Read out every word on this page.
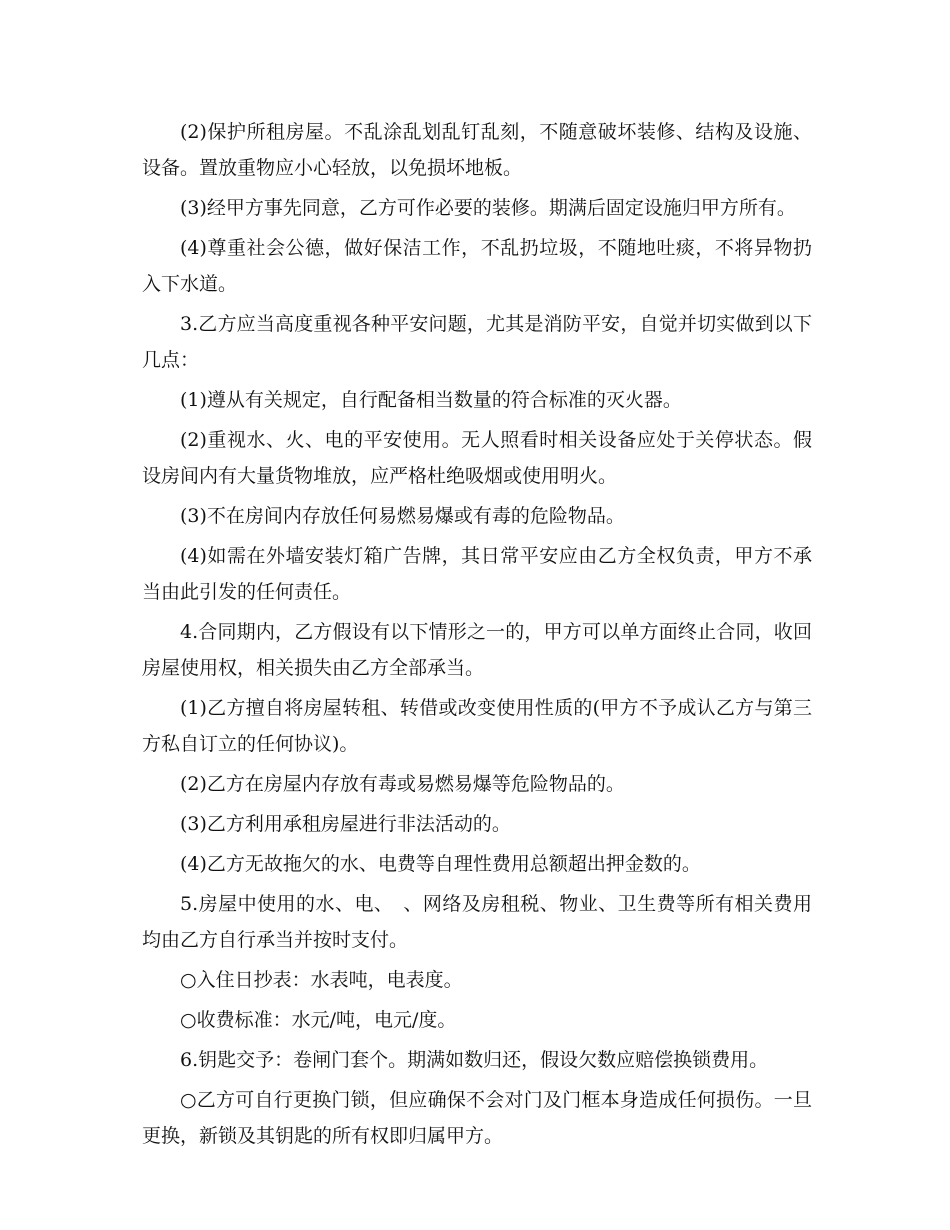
(2)保护所租房屋。不乱涂乱划乱钉乱刻，不随意破坏装修、结构及设施、设备。置放重物应小心轻放，以免损坏地板。

(3)经甲方事先同意，乙方可作必要的装修。期满后固定设施归甲方所有。

(4)尊重社会公德，做好保洁工作，不乱扔垃圾，不随地吐痰，不将异物扔入下水道。

3.乙方应当高度重视各种平安问题，尤其是消防平安，自觉并切实做到以下几点：

(1)遵从有关规定，自行配备相当数量的符合标准的灭火器。

(2)重视水、火、电的平安使用。无人照看时相关设备应处于关停状态。假设房间内有大量货物堆放，应严格杜绝吸烟或使用明火。

(3)不在房间内存放任何易燃易爆或有毒的危险物品。

(4)如需在外墙安装灯箱广告牌，其日常平安应由乙方全权负责，甲方不承当由此引发的任何责任。

4.合同期内，乙方假设有以下情形之一的，甲方可以单方面终止合同，收回房屋使用权，相关损失由乙方全部承当。

(1)乙方擅自将房屋转租、转借或改变使用性质的(甲方不予成认乙方与第三方私自订立的任何协议)。

(2)乙方在房屋内存放有毒或易燃易爆等危险物品的。

(3)乙方利用承租房屋进行非法活动的。

(4)乙方无故拖欠的水、电费等自理性费用总额超出押金数的。

5.房屋中使用的水、电、　、网络及房租税、物业、卫生费等所有相关费用均由乙方自行承当并按时支付。

○入住日抄表：水表吨，电表度。

○收费标准：水元/吨，电元/度。

6.钥匙交予：卷闸门套个。期满如数归还，假设欠数应赔偿换锁费用。

○乙方可自行更换门锁，但应确保不会对门及门框本身造成任何损伤。一旦更换，新锁及其钥匙的所有权即归属甲方。
